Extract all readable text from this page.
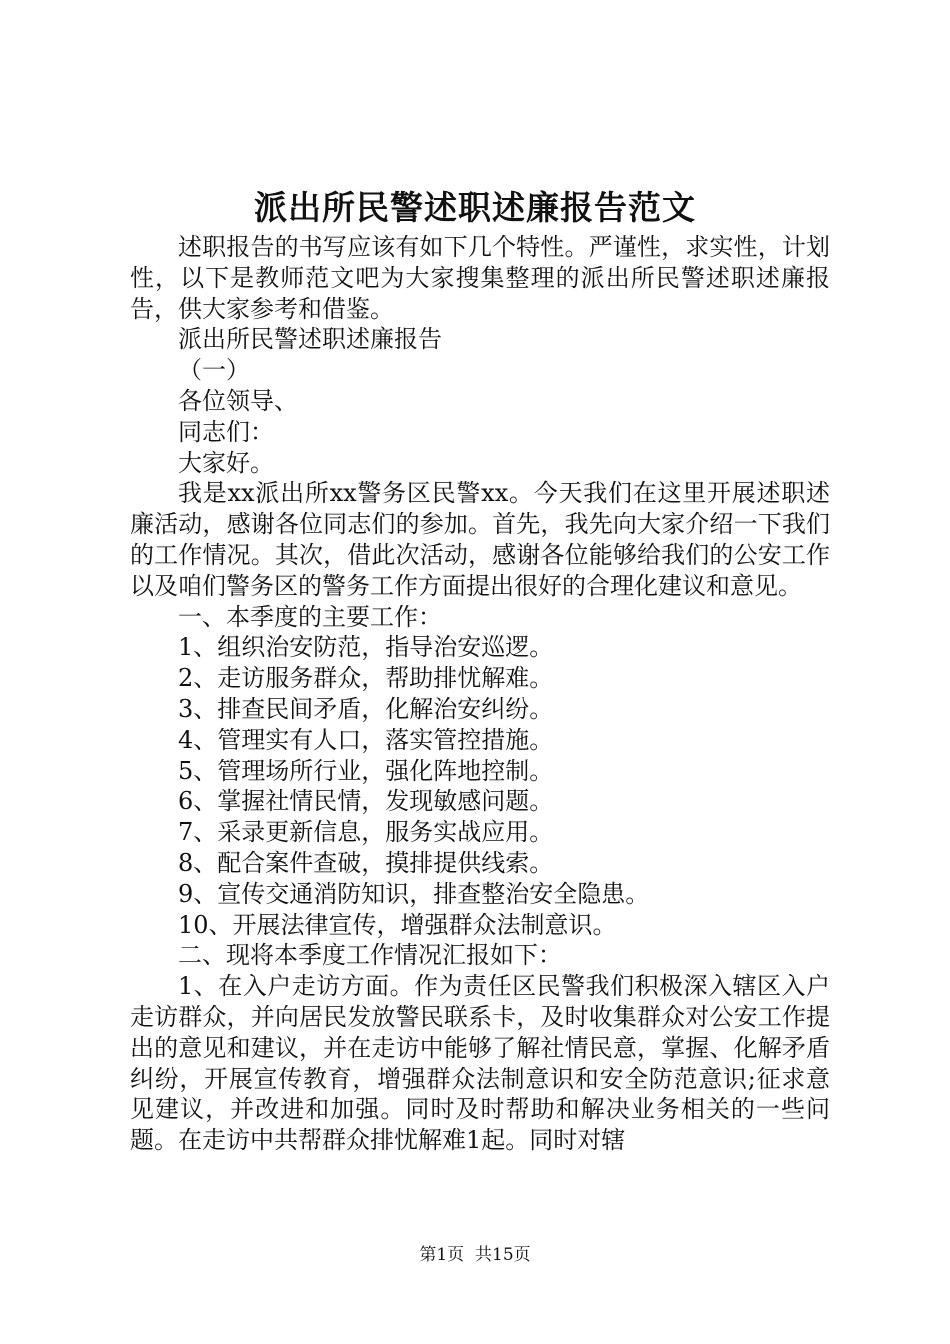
派出所民警述职述廉报告范文

述职报告的书写应该有如下几个特性。严谨性，求实性，计划性，以下是教师范文吧为大家搜集整理的派出所民警述职述廉报告，供大家参考和借鉴。

派出所民警述职述廉报告

（一）

各位领导、

同志们：

大家好。

我是xx派出所xx警务区民警xx。今天我们在这里开展述职述廉活动，感谢各位同志们的参加。首先，我先向大家介绍一下我们的工作情况。其次，借此次活动，感谢各位能够给我们的公安工作以及咱们警务区的警务工作方面提出很好的合理化建议和意见。

一、本季度的主要工作：

1、组织治安防范，指导治安巡逻。

2、走访服务群众，帮助排忧解难。

3、排查民间矛盾，化解治安纠纷。

4、管理实有人口，落实管控措施。

5、管理场所行业，强化阵地控制。

6、掌握社情民情，发现敏感问题。

7、采录更新信息，服务实战应用。

8、配合案件查破，摸排提供线索。

9、宣传交通消防知识，排查整治安全隐患。

10、开展法律宣传，增强群众法制意识。

二、现将本季度工作情况汇报如下：

1、在入户走访方面。作为责任区民警我们积极深入辖区入户走访群众，并向居民发放警民联系卡，及时收集群众对公安工作提出的意见和建议，并在走访中能够了解社情民意，掌握、化解矛盾纠纷，开展宣传教育，增强群众法制意识和安全防范意识;征求意见建议，并改进和加强。同时及时帮助和解决业务相关的一些问题。在走访中共帮群众排忧解难1起。同时对辖

第1页 共15页
